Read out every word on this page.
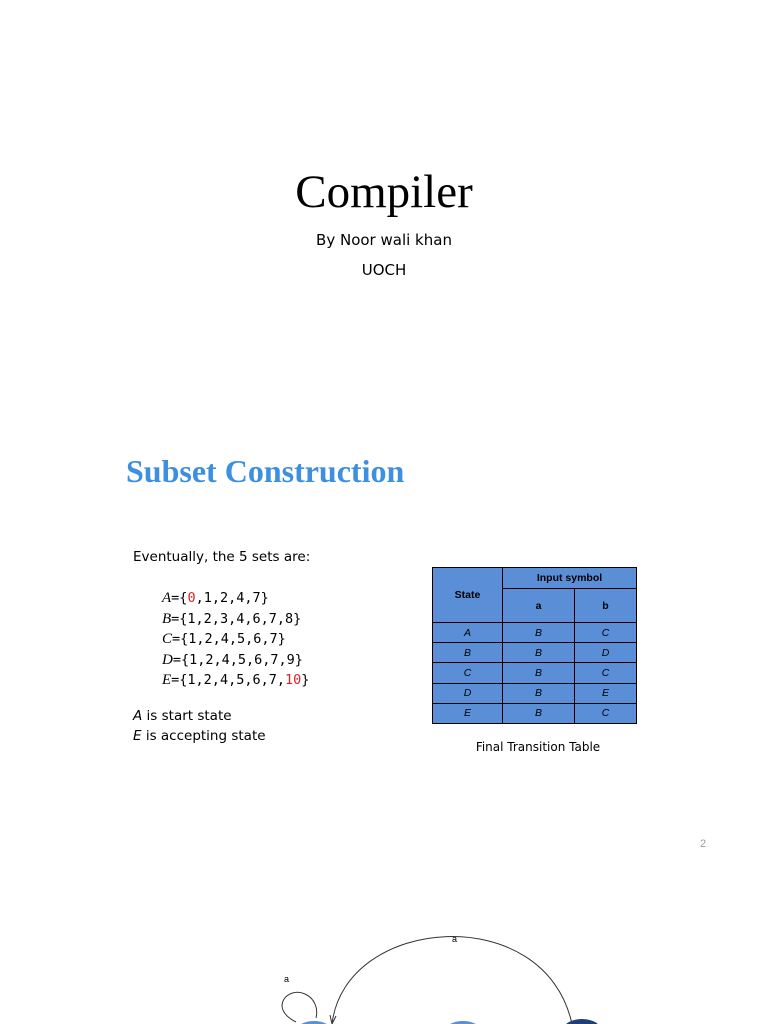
Compiler
By Noor wali khan
UOCH
Subset Construction
Eventually, the 5 sets are:
A={0,1,2,4,7}
B={1,2,3,4,6,7,8}
C={1,2,4,5,6,7}
D={1,2,4,5,6,7,9}
E={1,2,4,5,6,7,10}
A is start state
E is accepting state
State	Input symbol	
	a	b
A	B	C
B	B	D
C	B	C
D	B	E
E	B	C
Final Transition Table
2
a
a
